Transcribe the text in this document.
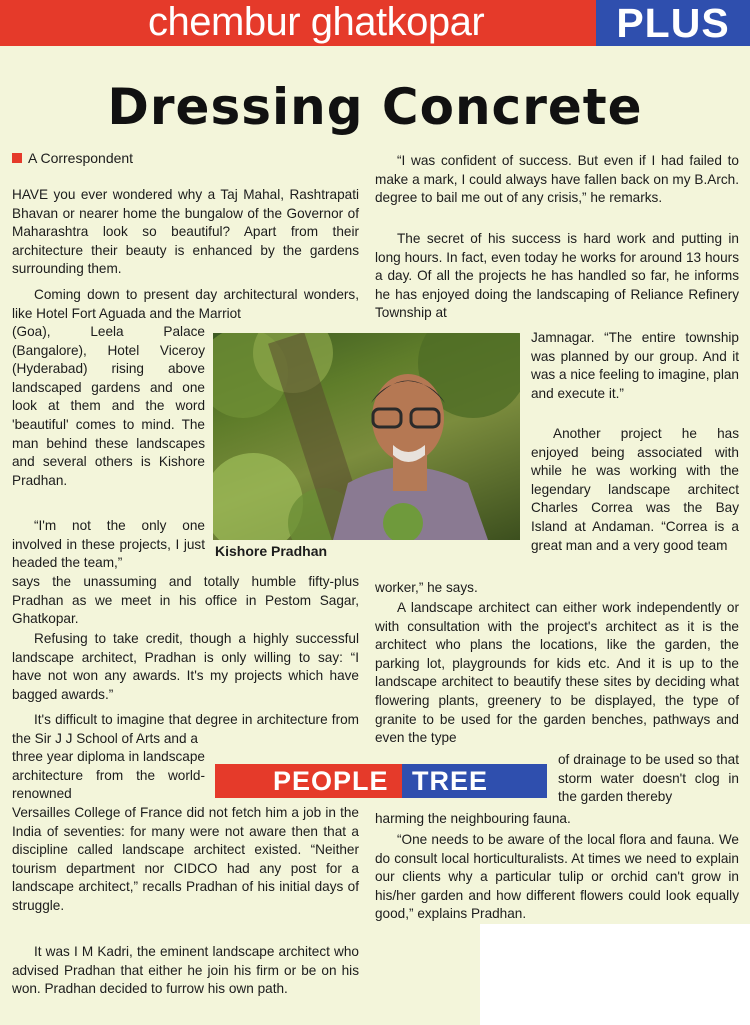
chembur ghatkopar	PLUS
Dressing Concrete
A Correspondent

HAVE you ever wondered why a Taj Mahal, Rashtrapati Bhavan or nearer home the bungalow of the Governor of Maharashtra look so beautiful? Apart from their architecture their beauty is enhanced by the gardens surrounding them.

Coming down to present day architectural wonders, like Hotel Fort Aguada and the Marriot

(Goa), Leela Palace (Bangalore), Hotel Viceroy (Hyderabad) rising above landscaped gardens and one look at them and the word 'beautiful' comes to mind. The man behind these landscapes and several others is Kishore Pradhan.

“I'm not the only one involved in these projects, I just headed the team,”

says the unassuming and totally humble fifty-plus Pradhan as we meet in his office in Pestom Sagar, Ghatkopar.

Refusing to take credit, though a highly successful landscape architect, Pradhan is only willing to say: “I have not won any awards. It's my projects which have bagged awards.”

It's difficult to imagine that degree in architecture from the Sir J J School of Arts and a

three year diploma in landscape architecture from the world-renowned

Versailles College of France did not fetch him a job in the India of seventies: for many were not aware then that a discipline called landscape architect existed. “Neither tourism department nor CIDCO had any post for a landscape architect,” recalls Pradhan of his initial days of struggle.

It was I M Kadri, the eminent landscape architect who advised Pradhan that either he join his firm or be on his won. Pradhan decided to furrow his own path.

“I was confident of success. But even if I had failed to make a mark, I could always have fallen back on my B.Arch. degree to bail me out of any crisis,” he remarks.

The secret of his success is hard work and putting in long hours. In fact, even today he works for around 13 hours a day. Of all the projects he has handled so far, he informs he has enjoyed doing the landscaping of Reliance Refinery Township at

Jamnagar. “The entire township was planned by our group. And it was a nice feeling to imagine, plan and execute it.”

Another project he has enjoyed being associated with while he was working with the legendary landscape architect Charles Correa was the Bay Island at Andaman. “Correa is a great man and a very good team

worker,” he says.

A landscape architect can either work independently or with consultation with the project's architect as it is the architect who plans the locations, like the garden, the parking lot, playgrounds for kids etc. And it is up to the landscape architect to beautify these sites by deciding what flowering plants, greenery to be displayed, the type of granite to be used for the garden benches, pathways and even the type

of drainage to be used so that storm water doesn't clog in the garden thereby

harming the neighbouring fauna.

“One needs to be aware of the local flora and fauna. We do consult local horticulturalists. At times we need to explain our clients why a particular tulip or orchid can't grow in his/her garden and how different flowers could look equally good,” explains Pradhan.

Kishore Pradhan
PEOPLE TREE
